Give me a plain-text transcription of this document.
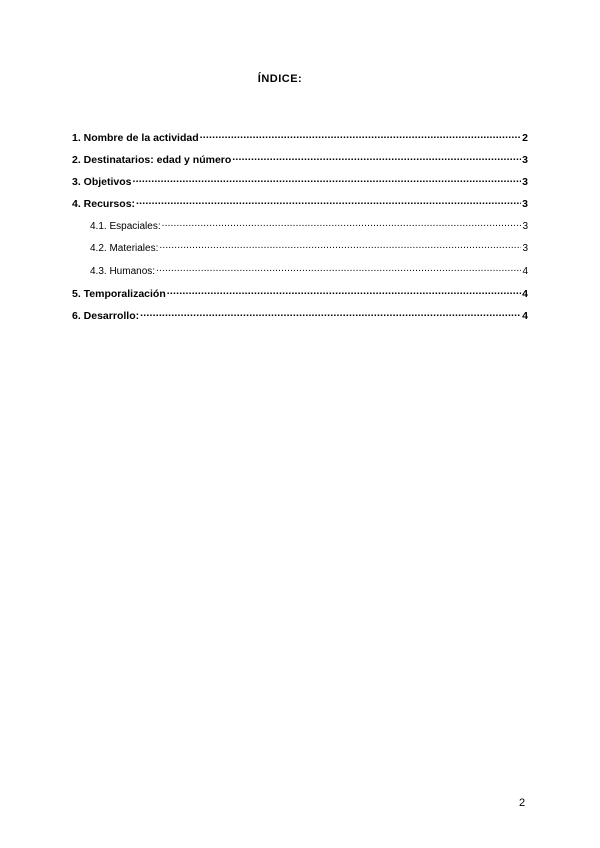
ÍNDICE:
1. Nombre de la actividad .....	2
2. Destinatarios: edad y número .....	3
3. Objetivos .....	3
4. Recursos: .....	3
4.1. Espaciales: .....	3
4.2. Materiales: .....	3
4.3. Humanos: .....	4
5. Temporalización .....	4
6. Desarrollo: .....	4
2
